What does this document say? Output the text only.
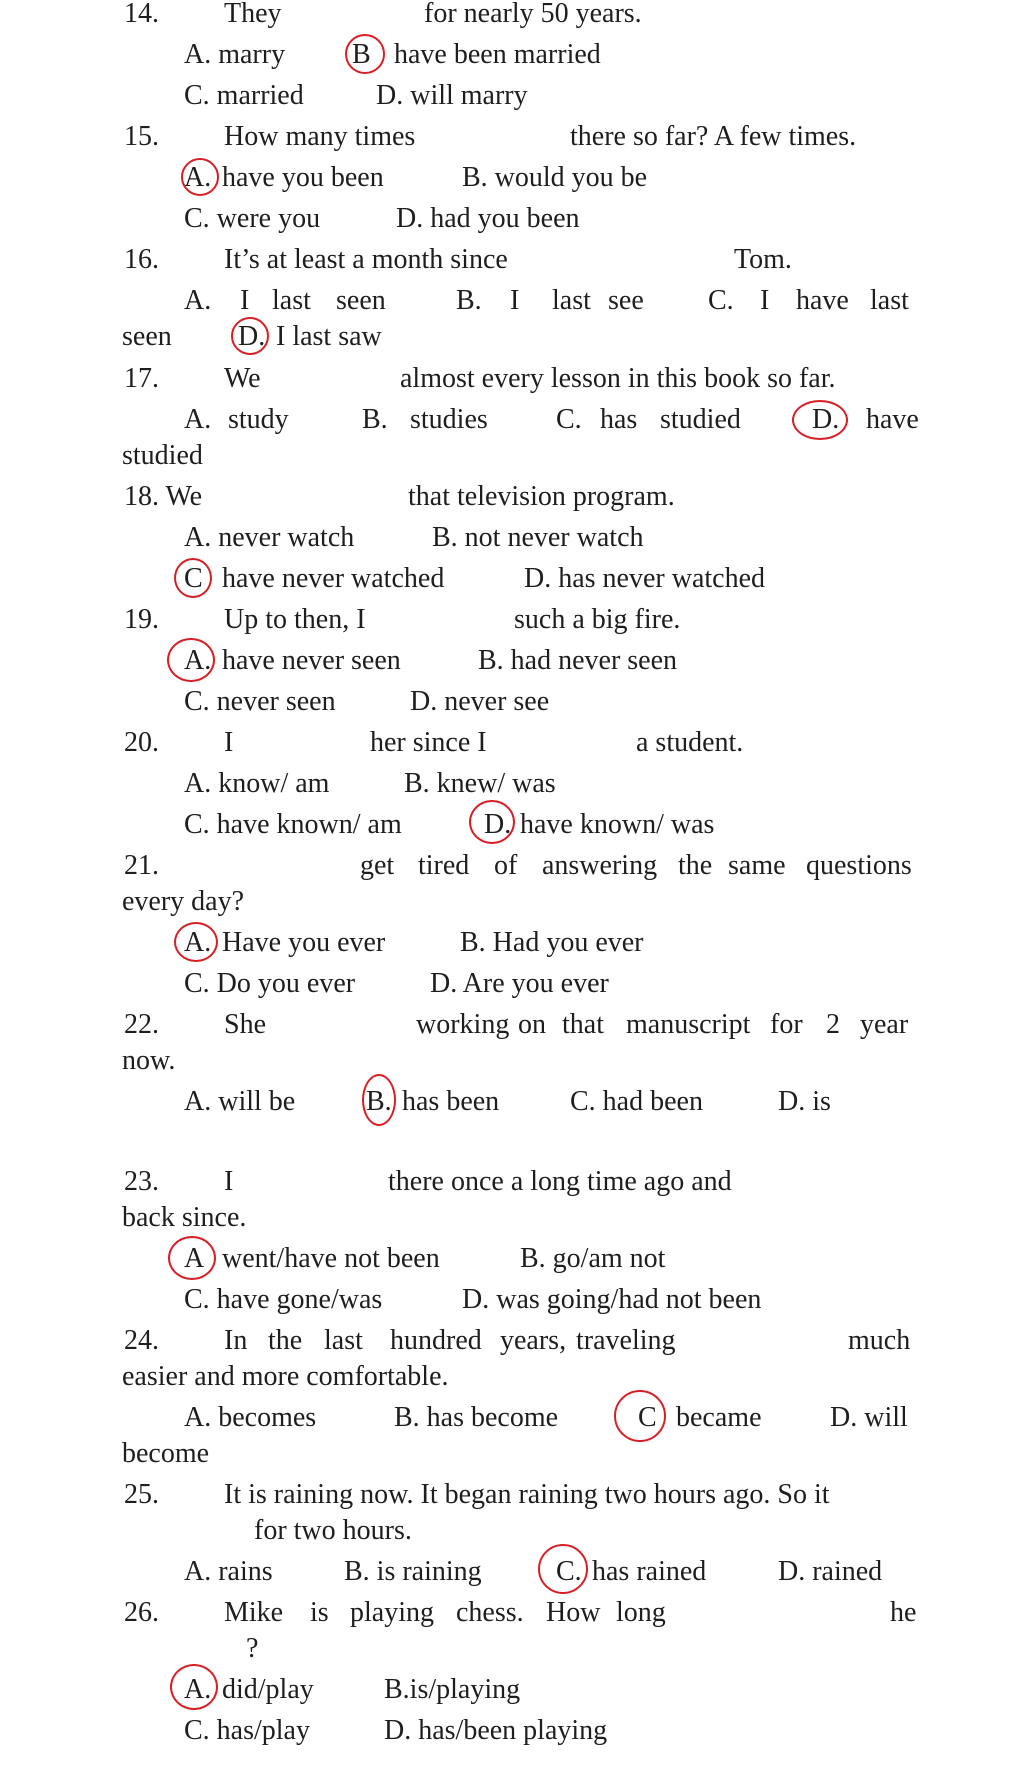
14. They	for nearly 50 years.
A. marry B have been married
C. married	D. will marry
15. How many times	there so far? A few times.
A. have you been	B. would you be
C. were you	D. had you been
16. It’s at least a month since	Tom.
A. I last seen	B. I last see C. I have last
seen D. I last saw
17. We	almost every lesson in this book so far.
A. study	B. studies C. has studied	D. have
studied
18. We	that television program.
A. never watch	B. not never watch
C have never watched	D. has never watched
19. Up to then, I	such a big fire.
A. have never seen	B. had never seen
C. never seen	D. never see
20. I	her since I	a student.
A. know/ am	B. knew/ was
C. have known/ am	D. have known/ was
21.	get tired of answering the same questions
every day?
A. Have you ever	B. Had you ever
C. Do you ever	D. Are you ever
22. She	working on that manuscript for 2 year
now.
A. will be	B. has been	C. had been	D. is
23. I	there once a long time ago and
back since.
A went/have not been	B. go/am not
C. have gone/was	D. was going/had not been
24. In the last hundred years, traveling	much
easier and more comfortable.
A. becomes	B. has become	C became D. will
become
25. It is raining now. It began raining two hours ago. So it
for two hours.
A. rains	B. is raining	C. has rained	D. rained
26. Mike is playing chess. How long	he
?
A. did/play	B.is/playing
C. has/play	D. has/been playing
